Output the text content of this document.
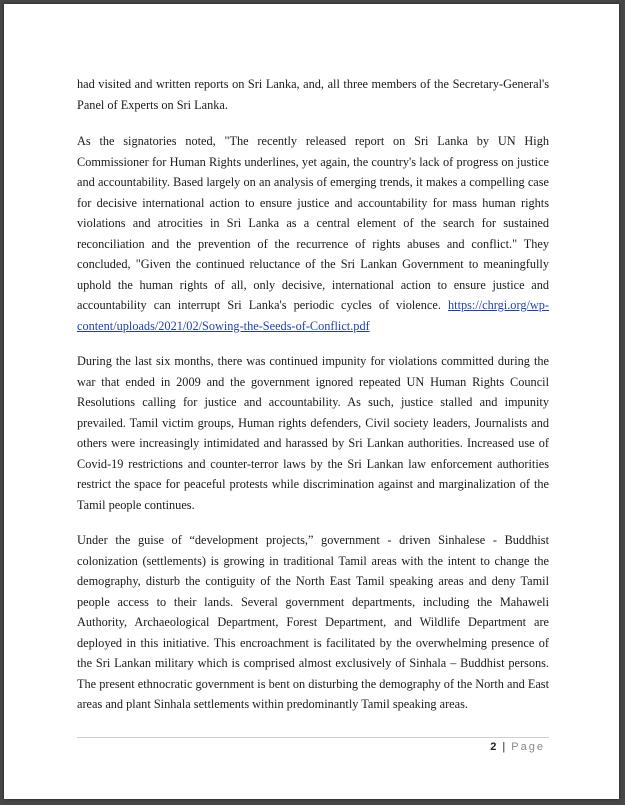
had visited and written reports on Sri Lanka, and, all three members of the Secretary-General's Panel of Experts on Sri Lanka.

As the signatories noted, "The recently released report on Sri Lanka by UN High Commissioner for Human Rights underlines, yet again, the country's lack of progress on justice and accountability. Based largely on an analysis of emerging trends, it makes a compelling case for decisive international action to ensure justice and accountability for mass human rights violations and atrocities in Sri Lanka as a central element of the search for sustained reconciliation and the prevention of the recurrence of rights abuses and conflict." They concluded, "Given the continued reluctance of the Sri Lankan Government to meaningfully uphold the human rights of all, only decisive, international action to ensure justice and accountability can interrupt Sri Lanka's periodic cycles of violence. https://chrgi.org/wp-content/uploads/2021/02/Sowing-the-Seeds-of-Conflict.pdf

During the last six months, there was continued impunity for violations committed during the war that ended in 2009 and the government ignored repeated UN Human Rights Council Resolutions calling for justice and accountability. As such, justice stalled and impunity prevailed. Tamil victim groups, Human rights defenders, Civil society leaders, Journalists and others were increasingly intimidated and harassed by Sri Lankan authorities. Increased use of Covid-19 restrictions and counter-terror laws by the Sri Lankan law enforcement authorities restrict the space for peaceful protests while discrimination against and marginalization of the Tamil people continues.

Under the guise of “development projects,” government - driven Sinhalese - Buddhist colonization (settlements) is growing in traditional Tamil areas with the intent to change the demography, disturb the contiguity of the North East Tamil speaking areas and deny Tamil people access to their lands. Several government departments, including the Mahaweli Authority, Archaeological Department, Forest Department, and Wildlife Department are deployed in this initiative. This encroachment is facilitated by the overwhelming presence of the Sri Lankan military which is comprised almost exclusively of Sinhala – Buddhist persons. The present ethnocratic government is bent on disturbing the demography of the North and East areas and plant Sinhala settlements within predominantly Tamil speaking areas.

2 | Page
